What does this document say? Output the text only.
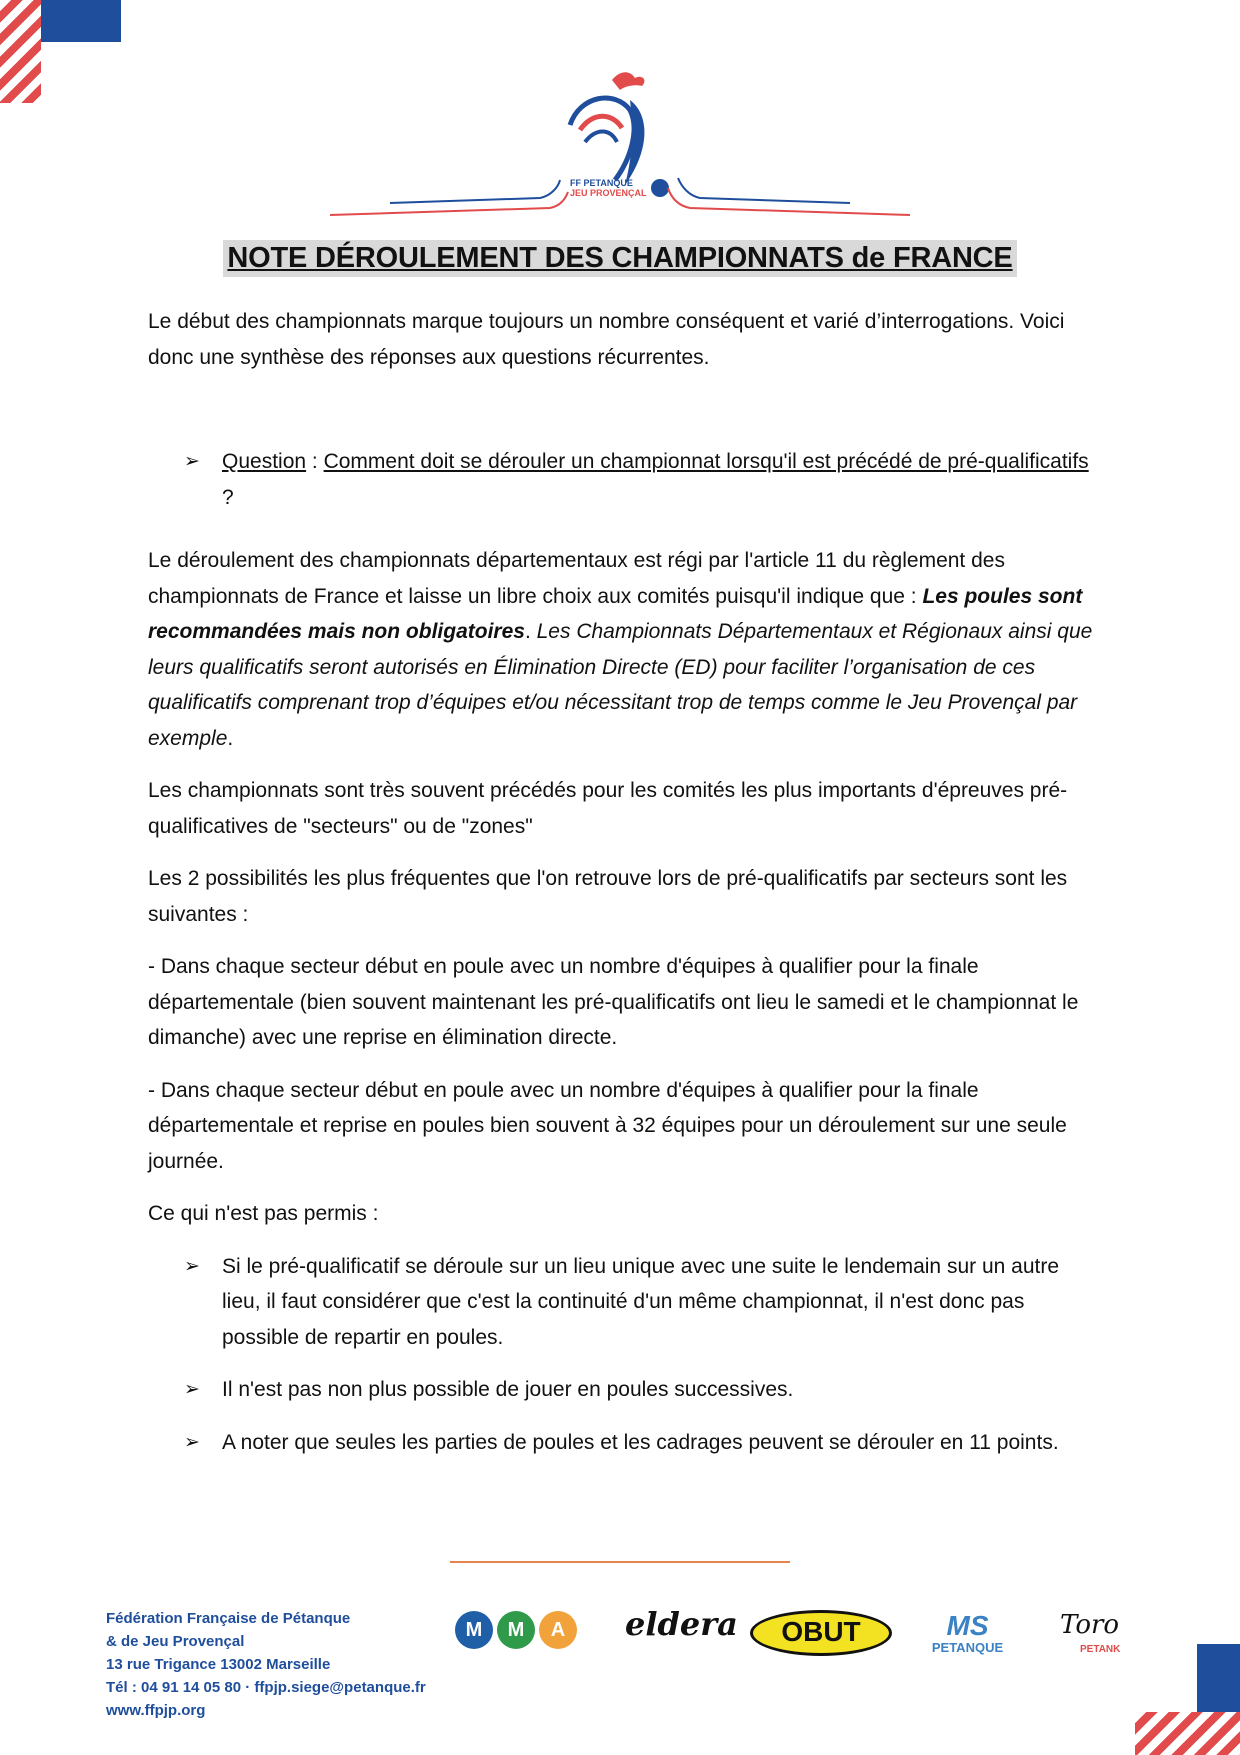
FF PETANQUE
JEU PROVENÇAL
NOTE DÉROULEMENT DES CHAMPIONNATS de FRANCE

Le début des championnats marque toujours un nombre conséquent et varié d’interrogations. Voici donc une synthèse des réponses aux questions récurrentes.

➢ Question : Comment doit se dérouler un championnat lorsqu'il est précédé de pré-qualificatifs ?

Le déroulement des championnats départementaux est régi par l'article 11 du règlement des championnats de France et laisse un libre choix aux comités puisqu'il indique que : Les poules sont recommandées mais non obligatoires. Les Championnats Départementaux et Régionaux ainsi que leurs qualificatifs seront autorisés en Élimination Directe (ED) pour faciliter l’organisation de ces qualificatifs comprenant trop d’équipes et/ou nécessitant trop de temps comme le Jeu Provençal par exemple.

Les championnats sont très souvent précédés pour les comités les plus importants d'épreuves pré-qualificatives de "secteurs" ou de "zones"

Les 2 possibilités les plus fréquentes que l'on retrouve lors de pré-qualificatifs par secteurs sont les suivantes :

- Dans chaque secteur début en poule avec un nombre d'équipes à qualifier pour la finale départementale (bien souvent maintenant les pré-qualificatifs ont lieu le samedi et le championnat le dimanche) avec une reprise en élimination directe.

- Dans chaque secteur début en poule avec un nombre d'équipes à qualifier pour la finale départementale et reprise en poules bien souvent à 32 équipes pour un déroulement sur une seule journée.

Ce qui n'est pas permis :

➢ Si le pré-qualificatif se déroule sur un lieu unique avec une suite le lendemain sur un autre lieu, il faut considérer que c'est la continuité d'un même championnat, il n'est donc pas possible de repartir en poules.

➢ Il n'est pas non plus possible de jouer en poules successives.

➢ A noter que seules les parties de poules et les cadrages peuvent se dérouler en 11 points.

Fédération Française de Pétanque
& de Jeu Provençal
13 rue Trigance 13002 Marseille
Tél : 04 91 14 05 80 · ffpjp.siege@petanque.fr
www.ffpjp.org
M M A	eldera	OBUT	MS
PETANQUE
Toro
PETANK
